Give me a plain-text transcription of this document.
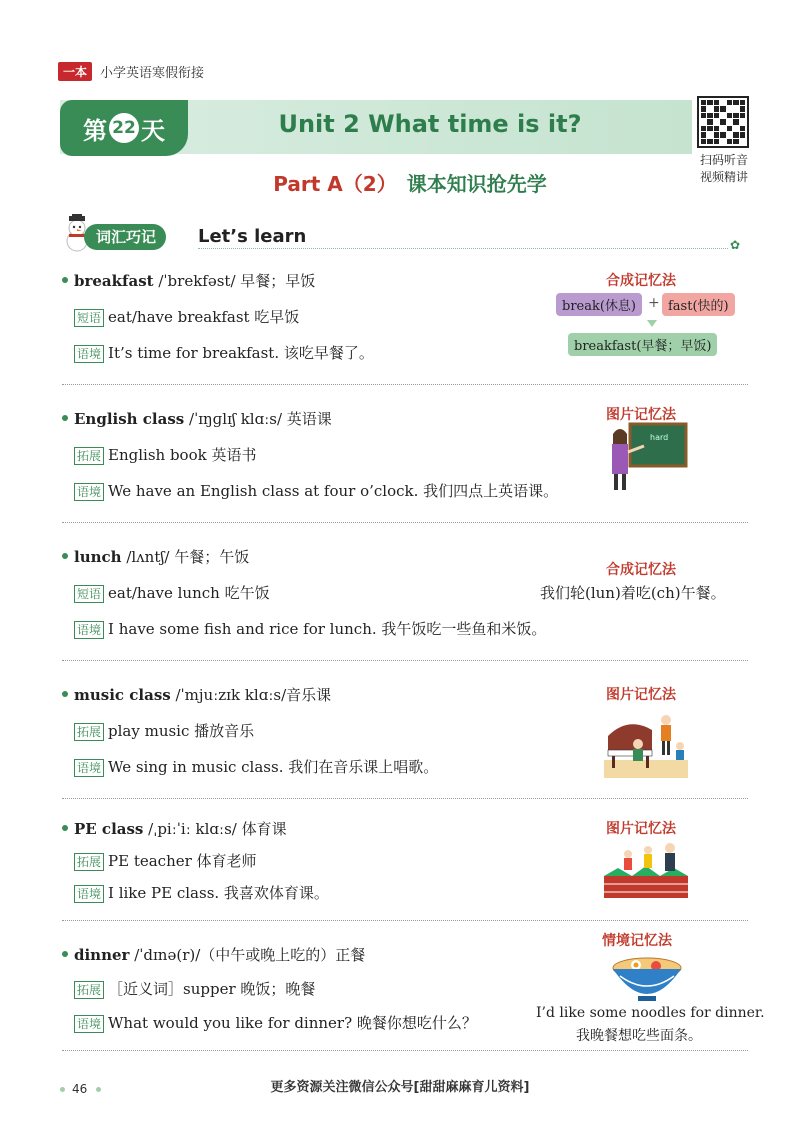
一本	小学英语寒假衔接
第 22 天	Unit 2 What time is it?
扫码听音
视频精讲
Part A（2） 课本知识抢先学
词汇巧记	Let’s learn	✿
breakfast /ˈbrekfəst/ 早餐；早饭
短语 eat/have breakfast 吃早饭
语境 It’s time for breakfast. 该吃早餐了。
合成记忆法
break(休息) + fast(快的)
breakfast(早餐；早饭)
English class /ˈɪŋɡlɪʃ klɑːs/ 英语课
拓展 English book 英语书
语境 We have an English class at four o’clock. 我们四点上英语课。
图片记忆法
hard
lunch /lʌntʃ/ 午餐；午饭
短语 eat/have lunch 吃午饭
语境 I have some fish and rice for lunch. 我午饭吃一些鱼和米饭。
合成记忆法
我们轮(lun)着吃(ch)午餐。
music class /ˈmjuːzɪk klɑːs/音乐课
拓展 play music 播放音乐
语境 We sing in music class. 我们在音乐课上唱歌。
图片记忆法
PE class /ˌpiːˈiː klɑːs/ 体育课
拓展 PE teacher 体育老师
语境 I like PE class. 我喜欢体育课。
图片记忆法
dinner /ˈdɪnə(r)/（中午或晚上吃的）正餐
拓展 ［近义词］supper 晚饭；晚餐
语境 What would you like for dinner? 晚餐你想吃什么？
情境记忆法
I’d like some noodles for dinner.
我晚餐想吃些面条。
46	更多资源关注微信公众号[甜甜麻麻育儿资料]
